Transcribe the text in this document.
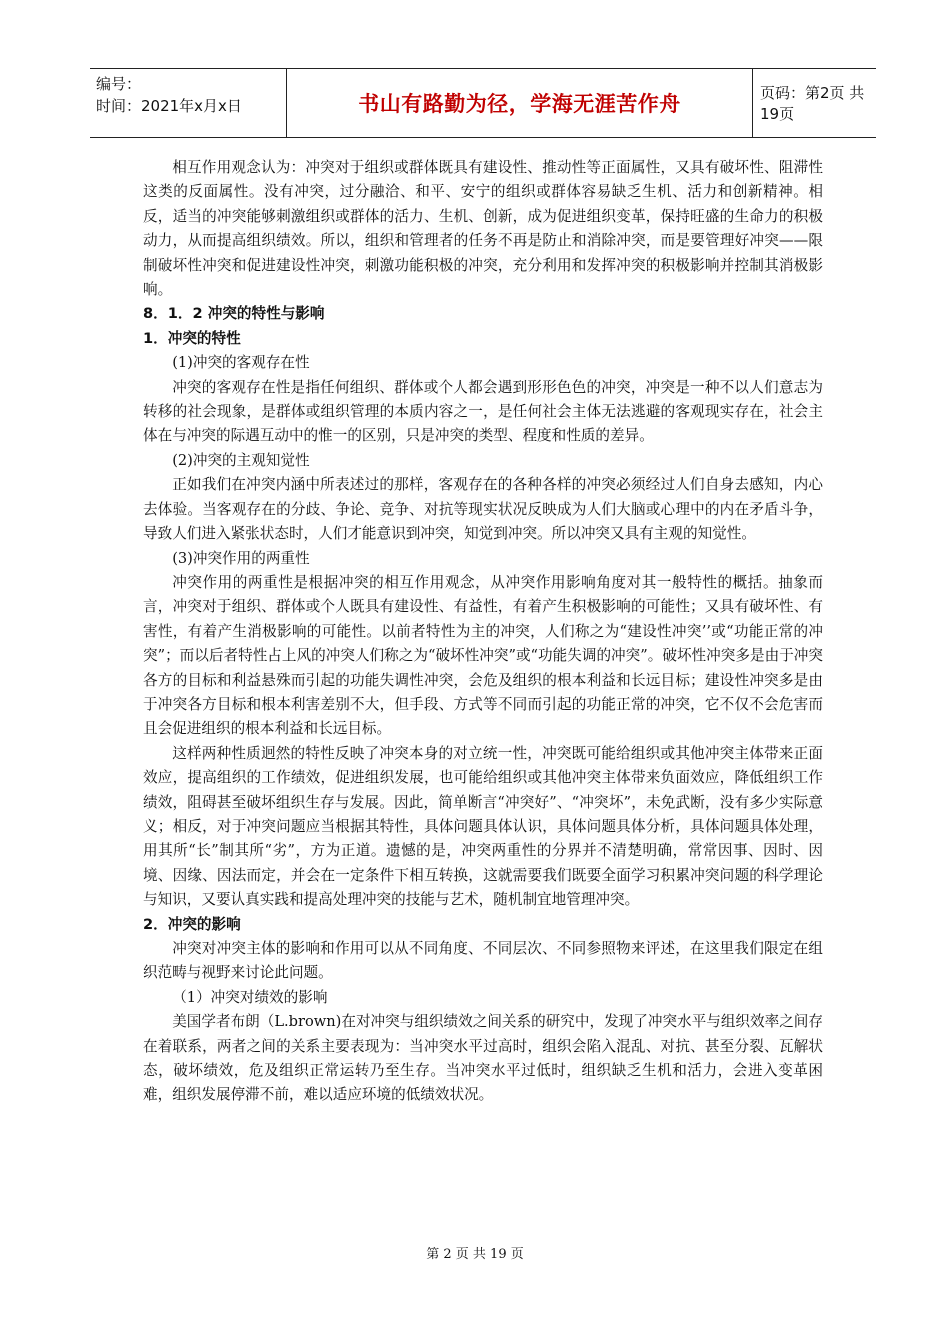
编号：
时间：2021年x月x日	书山有路勤为径，学海无涯苦作舟	页码：第2页 共19页

相互作用观念认为：冲突对于组织或群体既具有建设性、推动性等正面属性，又具有破坏性、阻滞性这类的反面属性。没有冲突，过分融洽、和平、安宁的组织或群体容易缺乏生机、活力和创新精神。相反，适当的冲突能够刺激组织或群体的活力、生机、创新，成为促进组织变革，保持旺盛的生命力的积极动力，从而提高组织绩效。所以，组织和管理者的任务不再是防止和消除冲突，而是要管理好冲突——限制破坏性冲突和促进建设性冲突，刺激功能积极的冲突，充分利用和发挥冲突的积极影响并控制其消极影响。

8．1．2 冲突的特性与影响

1．冲突的特性

(1)冲突的客观存在性

冲突的客观存在性是指任何组织、群体或个人都会遇到形形色色的冲突，冲突是一种不以人们意志为转移的社会现象，是群体或组织管理的本质内容之一，是任何社会主体无法逃避的客观现实存在，社会主体在与冲突的际遇互动中的惟一的区别，只是冲突的类型、程度和性质的差异。

(2)冲突的主观知觉性

正如我们在冲突内涵中所表述过的那样，客观存在的各种各样的冲突必须经过人们自身去感知，内心去体验。当客观存在的分歧、争论、竞争、对抗等现实状况反映成为人们大脑或心理中的内在矛盾斗争，导致人们进入紧张状态时，人们才能意识到冲突，知觉到冲突。所以冲突又具有主观的知觉性。

(3)冲突作用的两重性

冲突作用的两重性是根据冲突的相互作用观念，从冲突作用影响角度对其一般特性的概括。抽象而言，冲突对于组织、群体或个人既具有建设性、有益性，有着产生积极影响的可能性；又具有破坏性、有害性，有着产生消极影响的可能性。以前者特性为主的冲突，人们称之为“建设性冲突’’或“功能正常的冲突”；而以后者特性占上风的冲突人们称之为“破坏性冲突”或“功能失调的冲突”。破坏性冲突多是由于冲突各方的目标和利益悬殊而引起的功能失调性冲突，会危及组织的根本利益和长远目标；建设性冲突多是由于冲突各方目标和根本利害差别不大，但手段、方式等不同而引起的功能正常的冲突，它不仅不会危害而且会促进组织的根本利益和长远目标。

这样两种性质迥然的特性反映了冲突本身的对立统一性，冲突既可能给组织或其他冲突主体带来正面效应，提高组织的工作绩效，促进组织发展，也可能给组织或其他冲突主体带来负面效应，降低组织工作绩效，阻碍甚至破坏组织生存与发展。因此，简单断言“冲突好”、“冲突坏”，未免武断，没有多少实际意义；相反，对于冲突问题应当根据其特性，具体问题具体认识，具体问题具体分析，具体问题具体处理，用其所“长”制其所“劣”，方为正道。遗憾的是，冲突两重性的分界并不清楚明确，常常因事、因时、因境、因缘、因法而定，并会在一定条件下相互转换，这就需要我们既要全面学习积累冲突问题的科学理论与知识，又要认真实践和提高处理冲突的技能与艺术，随机制宜地管理冲突。

2．冲突的影响

冲突对冲突主体的影响和作用可以从不同角度、不同层次、不同参照物来评述，在这里我们限定在组织范畴与视野来讨论此问题。

（1）冲突对绩效的影响

美国学者布朗（L.brown)在对冲突与组织绩效之间关系的研究中，发现了冲突水平与组织效率之间存在着联系，两者之间的关系主要表现为：当冲突水平过高时，组织会陷入混乱、对抗、甚至分裂、瓦解状态，破坏绩效，危及组织正常运转乃至生存。当冲突水平过低时，组织缺乏生机和活力，会进入变革困难，组织发展停滞不前，难以适应环境的低绩效状况。

第 2 页 共 19 页
